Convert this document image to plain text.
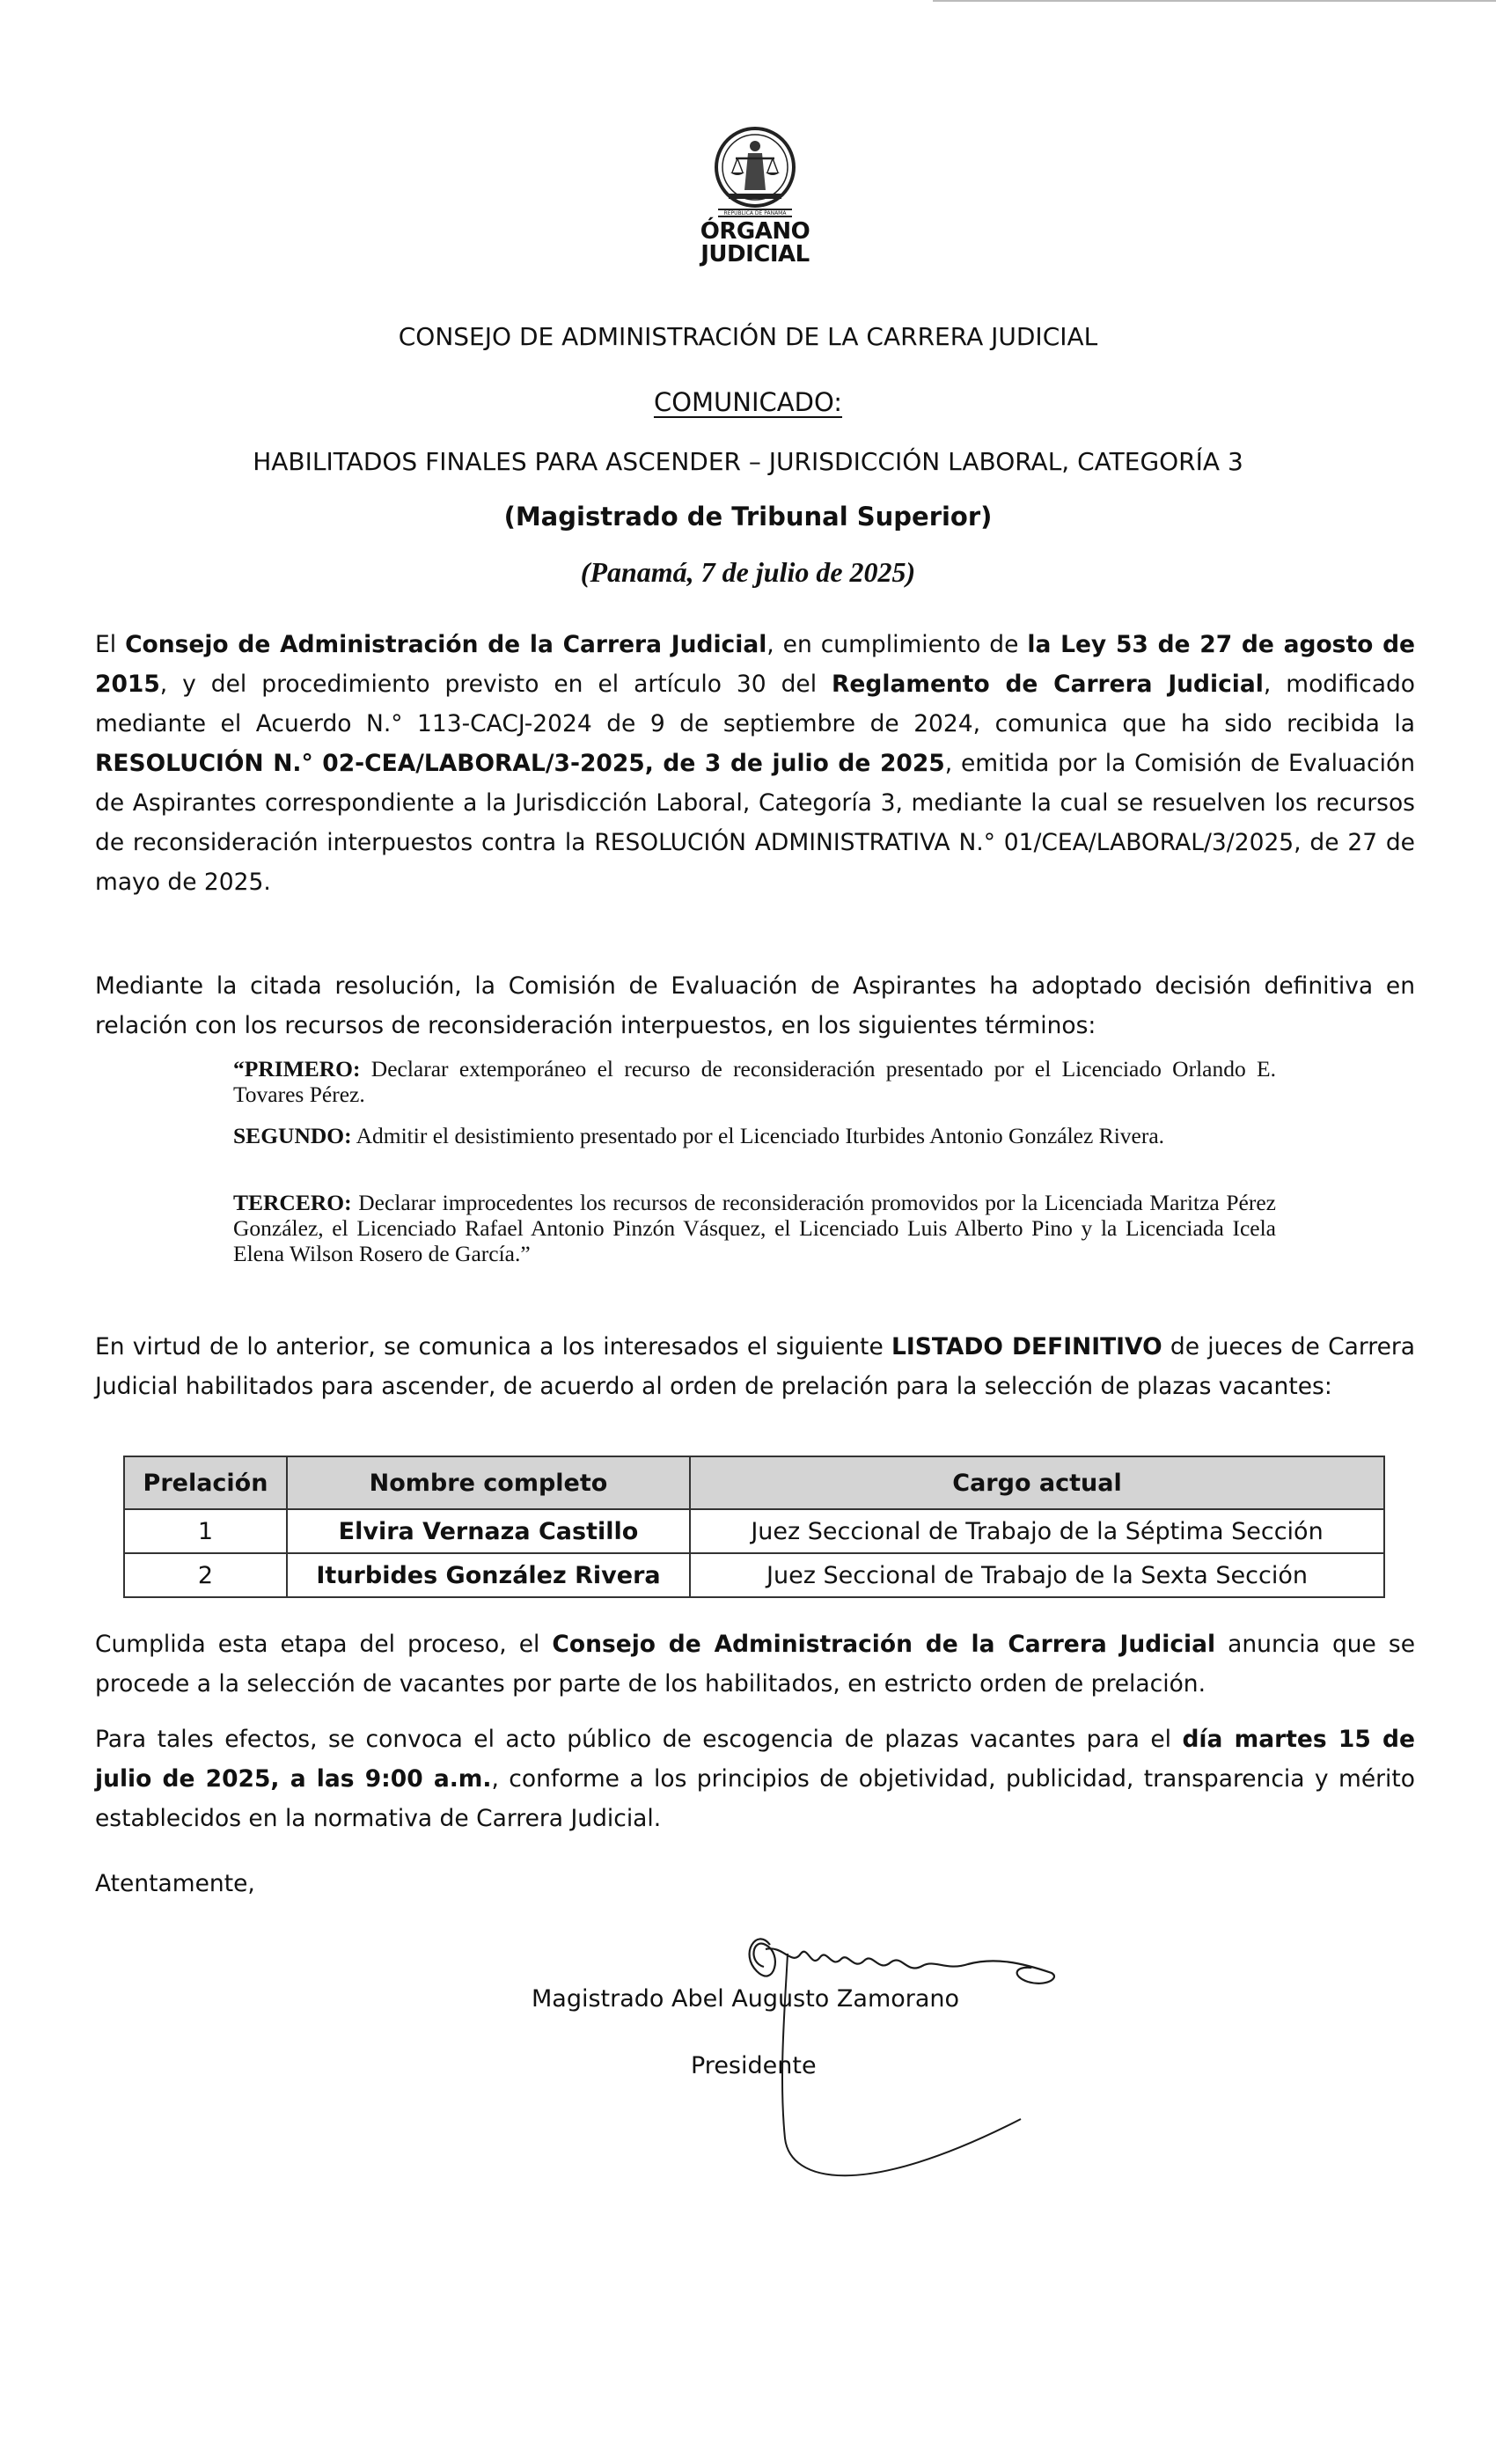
REPÚBLICA DE PANAMÁ
ÓRGANO
JUDICIAL
CONSEJO DE ADMINISTRACIÓN DE LA CARRERA JUDICIAL
COMUNICADO:
HABILITADOS FINALES PARA ASCENDER – JURISDICCIÓN LABORAL, CATEGORÍA 3
(Magistrado de Tribunal Superior)
(Panamá, 7 de julio de 2025)

El Consejo de Administración de la Carrera Judicial, en cumplimiento de la Ley 53 de 27 de agosto de 2015, y del procedimiento previsto en el artículo 30 del Reglamento de Carrera Judicial, modificado mediante el Acuerdo N.° 113-CACJ-2024 de 9 de septiembre de 2024, comunica que ha sido recibida la RESOLUCIÓN N.° 02-CEA/LABORAL/3-2025, de 3 de julio de 2025, emitida por la Comisión de Evaluación de Aspirantes correspondiente a la Jurisdicción Laboral, Categoría 3, mediante la cual se resuelven los recursos de reconsideración interpuestos contra la RESOLUCIÓN ADMINISTRATIVA N.° 01/CEA/LABORAL/3/2025, de 27 de mayo de 2025.

Mediante la citada resolución, la Comisión de Evaluación de Aspirantes ha adoptado decisión definitiva en relación con los recursos de reconsideración interpuestos, en los siguientes términos:

“PRIMERO: Declarar extemporáneo el recurso de reconsideración presentado por el Licenciado Orlando E. Tovares Pérez.

SEGUNDO: Admitir el desistimiento presentado por el Licenciado Iturbides Antonio González Rivera.

TERCERO: Declarar improcedentes los recursos de reconsideración promovidos por la Licenciada Maritza Pérez González, el Licenciado Rafael Antonio Pinzón Vásquez, el Licenciado Luis Alberto Pino y la Licenciada Icela Elena Wilson Rosero de García.”

En virtud de lo anterior, se comunica a los interesados el siguiente LISTADO DEFINITIVO de jueces de Carrera Judicial habilitados para ascender, de acuerdo al orden de prelación para la selección de plazas vacantes:

Prelación	Nombre completo	Cargo actual
1	Elvira Vernaza Castillo	Juez Seccional de Trabajo de la Séptima Sección
2	Iturbides González Rivera	Juez Seccional de Trabajo de la Sexta Sección

Cumplida esta etapa del proceso, el Consejo de Administración de la Carrera Judicial anuncia que se procede a la selección de vacantes por parte de los habilitados, en estricto orden de prelación.

Para tales efectos, se convoca el acto público de escogencia de plazas vacantes para el día martes 15 de julio de 2025, a las 9:00 a.m., conforme a los principios de objetividad, publicidad, transparencia y mérito establecidos en la normativa de Carrera Judicial.

Atentamente,

Magistrado Abel Augusto Zamorano
Presidente
